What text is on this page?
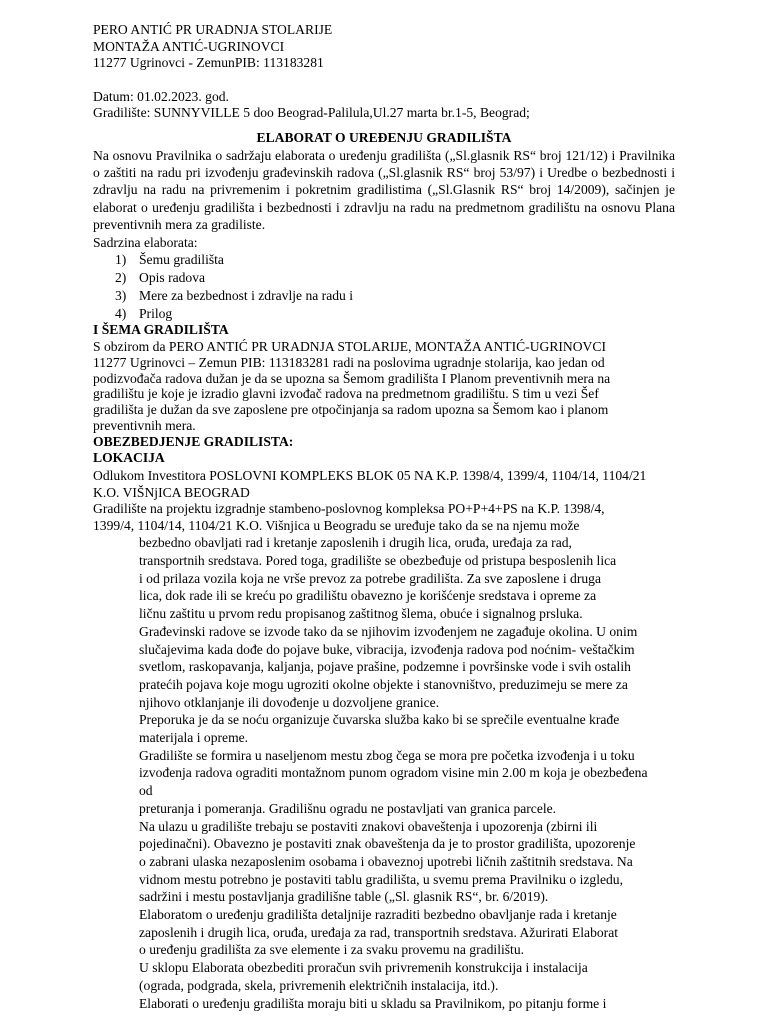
PERO ANTIĆ PR URADNJA STOLARIJE
MONTAŽA ANTIĆ-UGRINOVCI
11277 Ugrinovci - ZemunPIB: 113183281
Datum: 01.02.2023. god.
Gradilište: SUNNYVILLE 5 doo Beograd-Palilula,Ul.27 marta br.1-5, Beograd;
ELABORAT O UREĐENJU GRADILIŠTA

Na osnovu Pravilnika o sadržaju elaborata o uređenju gradilišta („Sl.glasnik RS“ broj 121/12) i Pravilnika o zaštiti na radu pri izvođenju građevinskih radova („Sl.glasnik RS“ broj 53/97) i Uredbe o bezbednosti i zdravlju na radu na privremenim i pokretnim gradilistima („Sl.Glasnik RS“ broj 14/2009), sačinjen je elaborat o uređenju gradilišta i bezbednosti i zdravlju na radu na predmetnom gradilištu na osnovu Plana preventivnih mera za gradiliste.

Sadrzina elaborata:
1) Šemu gradilišta
2) Opis radova
3) Mere za bezbednost i zdravlje na radu i
4) Prilog
I ŠEMA GRADILIŠTA
S obzirom da PERO ANTIĆ PR URADNJA STOLARIJE, MONTAŽA ANTIĆ-UGRINOVCI
11277 Ugrinovci – Zemun PIB: 113183281 radi na poslovima ugradnje stolarija, kao jedan od
podizvođača radova dužan je da se upozna sa Šemom gradilišta I Planom preventivnih mera na
gradilištu je koje je izradio glavni izvođač radova na predmetnom gradilištu. S tim u vezi Šef
gradilišta je dužan da sve zaposlene pre otpočinjanja sa radom upozna sa Šemom kao i planom
preventivnih mera.
OBEZBEDJENJE GRADILISTA:
LOKACIJA
Odlukom Investitora POSLOVNI KOMPLEKS BLOK 05 NA K.P. 1398/4, 1399/4, 1104/14, 1104/21
K.O. VIŠNjICA BEOGRAD
Gradilište na projektu izgradnje stambeno-poslovnog kompleksa PO+P+4+PS na K.P. 1398/4,
1399/4, 1104/14, 1104/21 K.O. Višnjica u Beogradu se uređuje tako da se na njemu može
bezbedno obavljati rad i kretanje zaposlenih i drugih lica, oruđa, uređaja za rad,
transportnih sredstava. Pored toga, gradilište se obezbeđuje od pristupa besposlenih lica
i od prilaza vozila koja ne vrše prevoz za potrebe gradilišta. Za sve zaposlene i druga
lica, dok rade ili se kreću po gradilištu obavezno je korišćenje sredstava i opreme za
ličnu zaštitu u prvom redu propisanog zaštitnog šlema, obuće i signalnog prsluka.
Građevinski radove se izvode tako da se njihovim izvođenjem ne zagađuje okolina. U onim
slučajevima kada dođe do pojave buke, vibracija, izvođenja radova pod noćnim- veštačkim
svetlom, raskopavanja, kaljanja, pojave prašine, podzemne i površinske vode i svih ostalih
pratećih pojava koje mogu ugroziti okolne objekte i stanovništvo, preduzimeju se mere za
njihovo otklanjanje ili dovođenje u dozvoljene granice.
Preporuka je da se noću organizuje čuvarska služba kako bi se sprečile eventualne krađe
materijala i opreme.
Gradilište se formira u naseljenom mestu zbog čega se mora pre početka izvođenja i u toku
izvođenja radova ograditi montažnom punom ogradom visine min 2.00 m koja je obezbeđena
od
preturanja i pomeranja. Gradilišnu ogradu ne postavljati van granica parcele.
Na ulazu u gradilište trebaju se postaviti znakovi obaveštenja i upozorenja (zbirni ili
pojedinačni). Obavezno je postaviti znak obaveštenja da je to prostor gradilišta, upozorenje
o zabrani ulaska nezaposlenim osobama i obaveznoj upotrebi ličnih zaštitnih sredstava. Na
vidnom mestu potrebno je postaviti tablu gradilišta, u svemu prema Pravilniku o izgledu,
sadržini i mestu postavljanja gradilišne table („Sl. glasnik RS“, br. 6/2019).
Elaboratom o uređenju gradilišta detaljnije razraditi bezbedno obavljanje rada i kretanje
zaposlenih i drugih lica, oruđa, uređaja za rad, transportnih sredstava. Ažurirati Elaborat
o uređenju gradilišta za sve elemente i za svaku provemu na gradilištu.
U sklopu Elaborata obezbediti proračun svih privremenih konstrukcija i instalacija
(ograda, podgrada, skela, privremenih električnih instalacija, itd.).
Elaborati o uređenju gradilišta moraju biti u skladu sa Pravilnikom, po pitanju forme i
